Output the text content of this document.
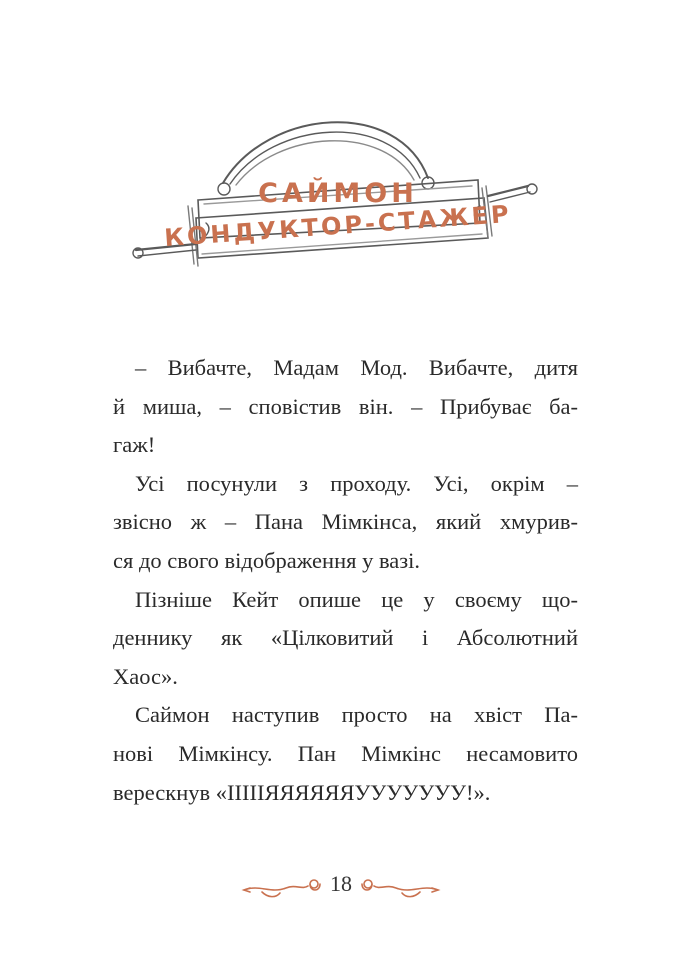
САЙМОН
КОНДУКТОР-СТАЖЕР
– Вибачте, Мадам Мод. Вибачте, дитя
й миша, – сповістив він. – Прибуває ба-
гаж!
Усі посунули з проходу. Усі, окрім –
звісно ж – Пана Мімкінса, який хмурив-
ся до свого відображення у вазі.
Пізніше Кейт опише це у своєму що-
деннику як «Цілковитий і Абсолютний
Хаос».
Саймон наступив просто на хвіст Па-
нові Мімкінсу. Пан Мімкінс несамовито
верескнув «ІІІІІЯЯЯЯЯЯУУУУУУУ!».
18
